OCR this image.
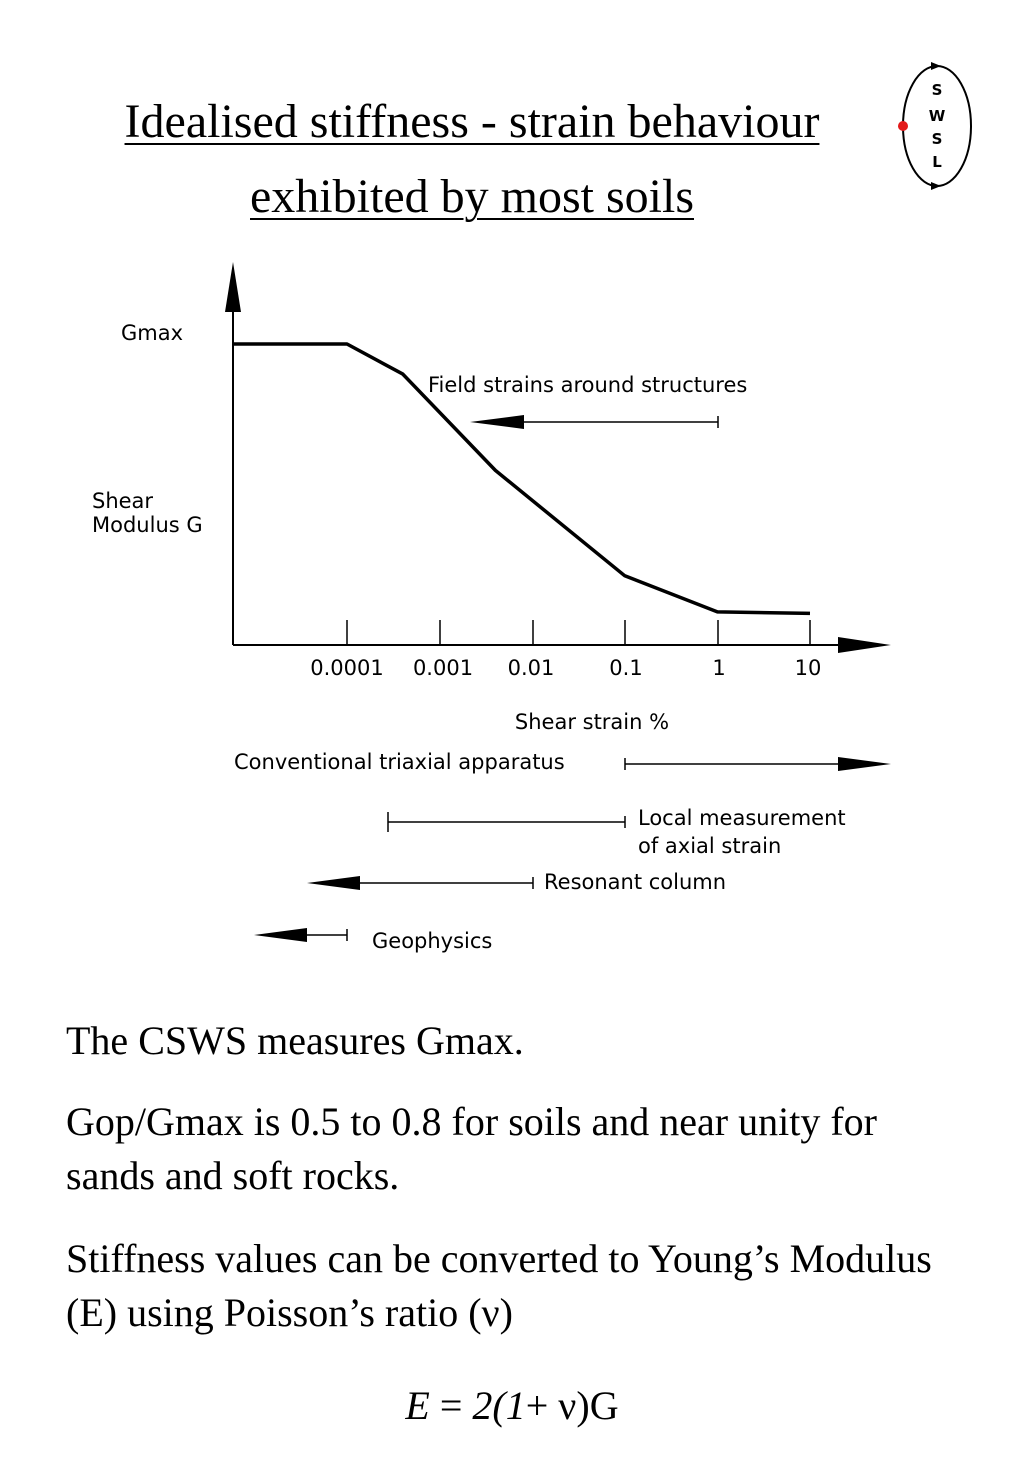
Idealised stiffness - strain behaviour
exhibited by most soils
S
W
S
L
0.0001 0.001 0.01	0.1	1	10
Gmax
Shear
Modulus G
Shear strain %
Field strains around structures
Conventional triaxial apparatus
Local measurement
of axial strain
Resonant column
Geophysics
The CSWS measures Gmax.
Gop/Gmax is 0.5 to 0.8 for soils and near unity for sands and soft rocks.
Stiffness values can be converted to Young’s Modulus (E) using Poisson’s ratio (ν)
E = 2(1+ ν)G
